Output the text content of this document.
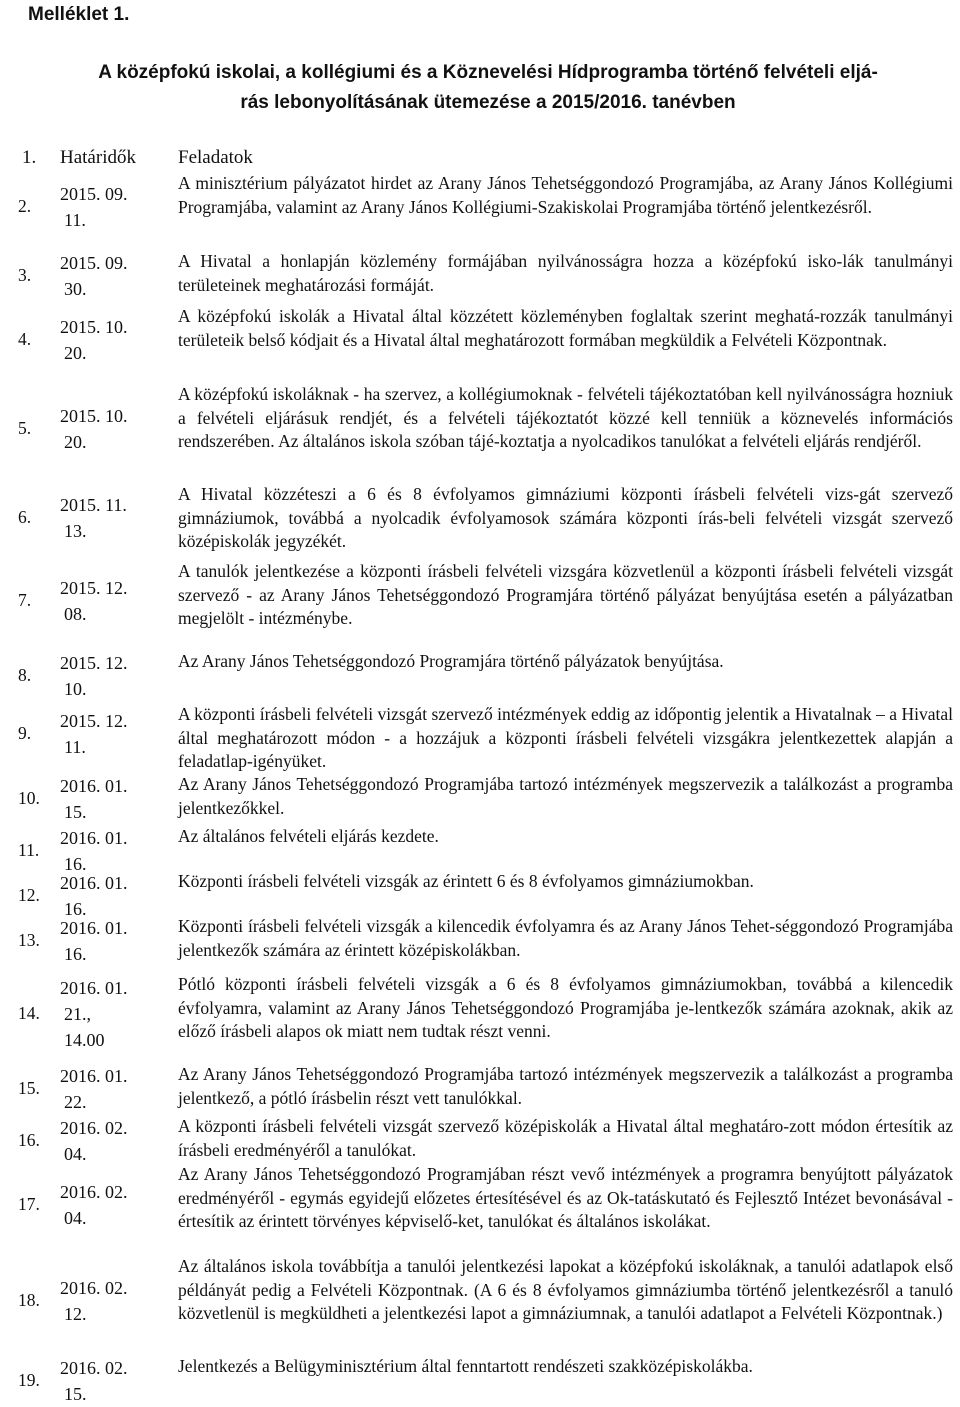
Melléklet 1.
A középfokú iskolai, a kollégiumi és a Köznevelési Hídprogramba történő felvételi eljá-
rás lebonyolításának ütemezése a 2015/2016. tanévben
1. Határidők Feladatok
2.
2015. 09.
11.
A minisztérium pályázatot hirdet az Arany János Tehetséggondozó Programjába, az Arany János Kollégiumi Programjába, valamint az Arany János Kollégiumi-Szakiskolai Programjába történő jelentkezésről.
3.
2015. 09.
30.
A Hivatal a honlapján közlemény formájában nyilvánosságra hozza a középfokú isko-lák tanulmányi területeinek meghatározási formáját.
4.
2015. 10.
20.
A középfokú iskolák a Hivatal által közzétett közleményben foglaltak szerint meghatá-rozzák tanulmányi területeik belső kódjait és a Hivatal által meghatározott formában megküldik a Felvételi Központnak.
5.
2015. 10.
20.
A középfokú iskoláknak - ha szervez, a kollégiumoknak - felvételi tájékoztatóban kell nyilvánosságra hozniuk a felvételi eljárásuk rendjét, és a felvételi tájékoztatót közzé kell tenniük a köznevelés információs rendszerében. Az általános iskola szóban tájé-koztatja a nyolcadikos tanulókat a felvételi eljárás rendjéről.
6.
2015. 11.
13.
A Hivatal közzéteszi a 6 és 8 évfolyamos gimnáziumi központi írásbeli felvételi vizs-gát szervező gimnáziumok, továbbá a nyolcadik évfolyamosok számára központi írás-beli felvételi vizsgát szervező középiskolák jegyzékét.
7.
2015. 12.
08.
A tanulók jelentkezése a központi írásbeli felvételi vizsgára közvetlenül a központi írásbeli felvételi vizsgát szervező - az Arany János Tehetséggondozó Programjára történő pályázat benyújtása esetén a pályázatban megjelölt - intézménybe.
8.
2015. 12.
10.
Az Arany János Tehetséggondozó Programjára történő pályázatok benyújtása.
9.
2015. 12.
11.
A központi írásbeli felvételi vizsgát szervező intézmények eddig az időpontig jelentik a Hivatalnak – a Hivatal által meghatározott módon - a hozzájuk a központi írásbeli felvételi vizsgákra jelentkezettek alapján a feladatlap-igényüket.
10.
2016. 01.
15.
Az Arany János Tehetséggondozó Programjába tartozó intézmények megszervezik a találkozást a programba jelentkezőkkel.
11.
2016. 01.
16.
Az általános felvételi eljárás kezdete.
12.
2016. 01.
16.
Központi írásbeli felvételi vizsgák az érintett 6 és 8 évfolyamos gimnáziumokban.
13.
2016. 01.
16.
Központi írásbeli felvételi vizsgák a kilencedik évfolyamra és az Arany János Tehet-séggondozó Programjába jelentkezők számára az érintett középiskolákban.
14.
2016. 01.
21.,
14.00
Pótló központi írásbeli felvételi vizsgák a 6 és 8 évfolyamos gimnáziumokban, továbbá a kilencedik évfolyamra, valamint az Arany János Tehetséggondozó Programjába je-lentkezők számára azoknak, akik az előző írásbeli alapos ok miatt nem tudtak részt venni.
15.
2016. 01.
22.
Az Arany János Tehetséggondozó Programjába tartozó intézmények megszervezik a találkozást a programba jelentkező, a pótló írásbelin részt vett tanulókkal.
16.
2016. 02.
04.
A központi írásbeli felvételi vizsgát szervező középiskolák a Hivatal által meghatáro-zott módon értesítik az írásbeli eredményéről a tanulókat.
17.
2016. 02.
04.
Az Arany János Tehetséggondozó Programjában részt vevő intézmények a programra benyújtott pályázatok eredményéről - egymás egyidejű előzetes értesítésével és az Ok-tatáskutató és Fejlesztő Intézet bevonásával - értesítik az érintett törvényes képviselő-ket, tanulókat és általános iskolákat.
18.
2016. 02.
12.
Az általános iskola továbbítja a tanulói jelentkezési lapokat a középfokú iskoláknak, a tanulói adatlapok első példányát pedig a Felvételi Központnak. (A 6 és 8 évfolyamos gimnáziumba történő jelentkezésről a tanuló közvetlenül is megküldheti a jelentkezési lapot a gimnáziumnak, a tanulói adatlapot a Felvételi Központnak.)
19.
2016. 02.
15.
Jelentkezés a Belügyminisztérium által fenntartott rendészeti szakközépiskolákba.
